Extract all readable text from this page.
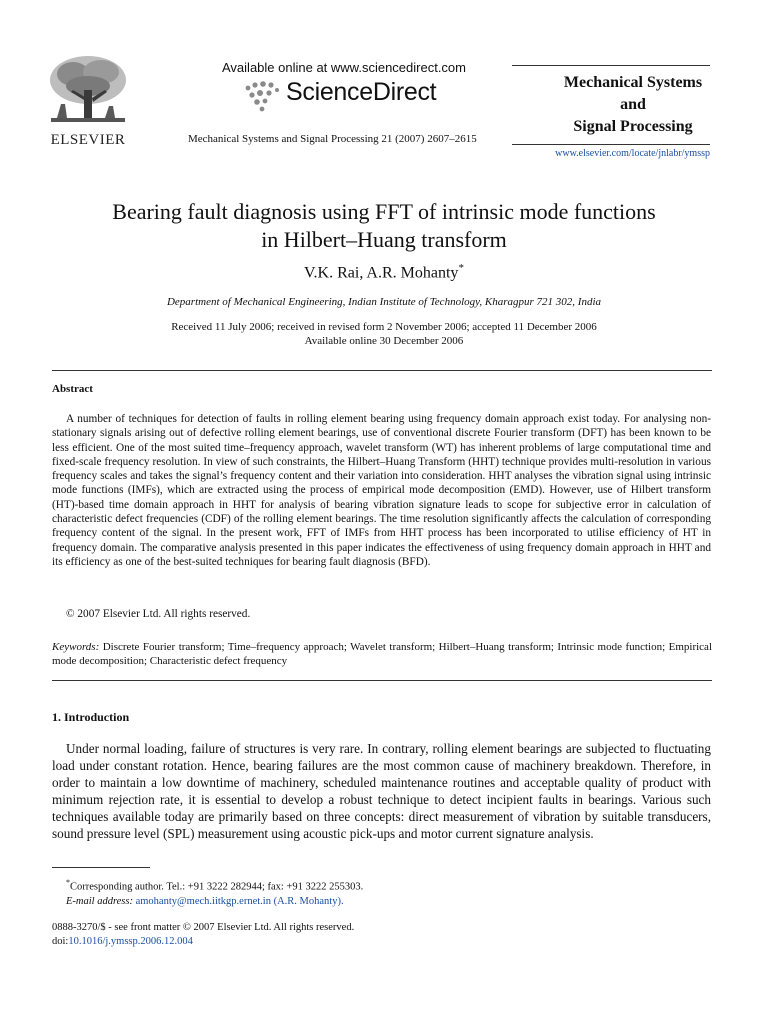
ELSEVIER
Available online at www.sciencedirect.com
ScienceDirect
Mechanical Systems and Signal Processing 21 (2007) 2607–2615
Mechanical Systems
and
Signal Processing
www.elsevier.com/locate/jnlabr/ymssp
Bearing fault diagnosis using FFT of intrinsic mode functions
in Hilbert–Huang transform
V.K. Rai, A.R. Mohanty*
Department of Mechanical Engineering, Indian Institute of Technology, Kharagpur 721 302, India
Received 11 July 2006; received in revised form 2 November 2006; accepted 11 December 2006
Available online 30 December 2006
Abstract
A number of techniques for detection of faults in rolling element bearing using frequency domain approach exist today. For analysing non-stationary signals arising out of defective rolling element bearings, use of conventional discrete Fourier transform (DFT) has been known to be less efficient. One of the most suited time–frequency approach, wavelet transform (WT) has inherent problems of large computational time and fixed-scale frequency resolution. In view of such constraints, the Hilbert–Huang Transform (HHT) technique provides multi-resolution in various frequency scales and takes the signal’s frequency content and their variation into consideration. HHT analyses the vibration signal using intrinsic mode functions (IMFs), which are extracted using the process of empirical mode decomposition (EMD). However, use of Hilbert transform (HT)-based time domain approach in HHT for analysis of bearing vibration signature leads to scope for subjective error in calculation of characteristic defect frequencies (CDF) of the rolling element bearings. The time resolution significantly affects the calculation of corresponding frequency content of the signal. In the present work, FFT of IMFs from HHT process has been incorporated to utilise efficiency of HT in frequency domain. The comparative analysis presented in this paper indicates the effectiveness of using frequency domain approach in HHT and its efficiency as one of the best-suited techniques for bearing fault diagnosis (BFD).
© 2007 Elsevier Ltd. All rights reserved.
Keywords: Discrete Fourier transform; Time–frequency approach; Wavelet transform; Hilbert–Huang transform; Intrinsic mode function; Empirical mode decomposition; Characteristic defect frequency
1. Introduction
Under normal loading, failure of structures is very rare. In contrary, rolling element bearings are subjected to fluctuating load under constant rotation. Hence, bearing failures are the most common cause of machinery breakdown. Therefore, in order to maintain a low downtime of machinery, scheduled maintenance routines and acceptable quality of product with minimum rejection rate, it is essential to develop a robust technique to detect incipient faults in bearings. Various such techniques available today are primarily based on three concepts: direct measurement of vibration by suitable transducers, sound pressure level (SPL) measurement using acoustic pick-ups and motor current signature analysis.
*Corresponding author. Tel.: +91 3222 282944; fax: +91 3222 255303.
E-mail address: amohanty@mech.iitkgp.ernet.in (A.R. Mohanty).
0888-3270/$ - see front matter © 2007 Elsevier Ltd. All rights reserved.
doi:10.1016/j.ymssp.2006.12.004
